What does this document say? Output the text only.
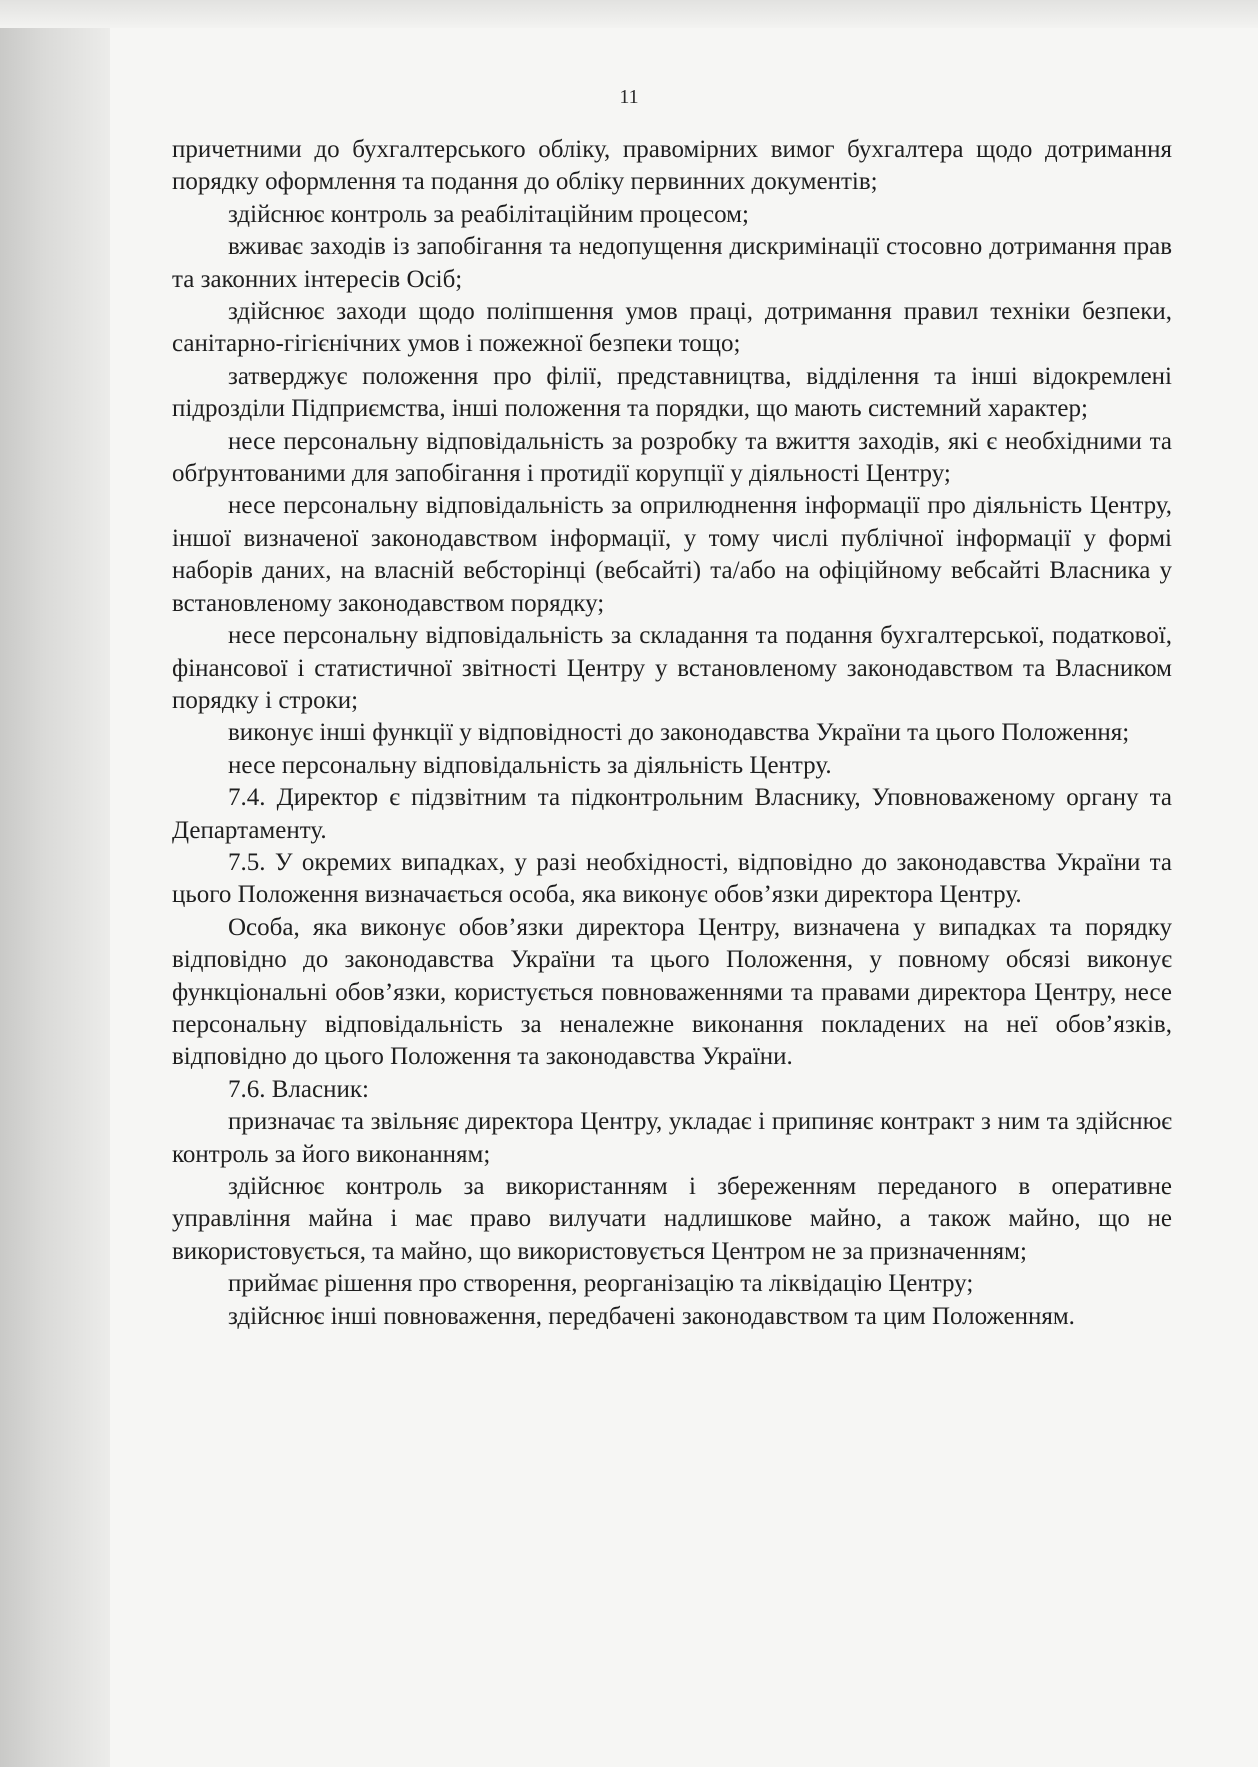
11

причетними до бухгалтерського обліку, правомірних вимог бухгалтера щодо дотримання порядку оформлення та подання до обліку первинних документів;

здійснює контроль за реабілітаційним процесом;

вживає заходів із запобігання та недопущення дискримінації стосовно дотримання прав та законних інтересів Осіб;

здійснює заходи щодо поліпшення умов праці, дотримання правил техніки безпеки, санітарно-гігієнічних умов і пожежної безпеки тощо;

затверджує положення про філії, представництва, відділення та інші відокремлені підрозділи Підприємства, інші положення та порядки, що мають системний характер;

несе персональну відповідальність за розробку та вжиття заходів, які є необхідними та обґрунтованими для запобігання і протидії корупції у діяльності Центру;

несе персональну відповідальність за оприлюднення інформації про діяльність Центру, іншої визначеної законодавством інформації, у тому числі публічної інформації у формі наборів даних, на власній вебсторінці (вебсайті) та/або на офіційному вебсайті Власника у встановленому законодавством порядку;

несе персональну відповідальність за складання та подання бухгалтерської, податкової, фінансової і статистичної звітності Центру у встановленому законодавством та Власником порядку і строки;

виконує інші функції у відповідності до законодавства України та цього Положення;

несе персональну відповідальність за діяльність Центру.

7.4. Директор є підзвітним та підконтрольним Власнику, Уповноваженому органу та Департаменту.

7.5. У окремих випадках, у разі необхідності, відповідно до законодавства України та цього Положення визначається особа, яка виконує обов’язки директора Центру.

Особа, яка виконує обов’язки директора Центру, визначена у випадках та порядку відповідно до законодавства України та цього Положення, у повному обсязі виконує функціональні обов’язки, користується повноваженнями та правами директора Центру, несе персональну відповідальність за неналежне виконання покладених на неї обов’язків, відповідно до цього Положення та законодавства України.

7.6. Власник:

призначає та звільняє директора Центру, укладає і припиняє контракт з ним та здійснює контроль за його виконанням;

здійснює контроль за використанням і збереженням переданого в оперативне управління майна і має право вилучати надлишкове майно, а також майно, що не використовується, та майно, що використовується Центром не за призначенням;

приймає рішення про створення, реорганізацію та ліквідацію Центру;

здійснює інші повноваження, передбачені законодавством та цим Положенням.
